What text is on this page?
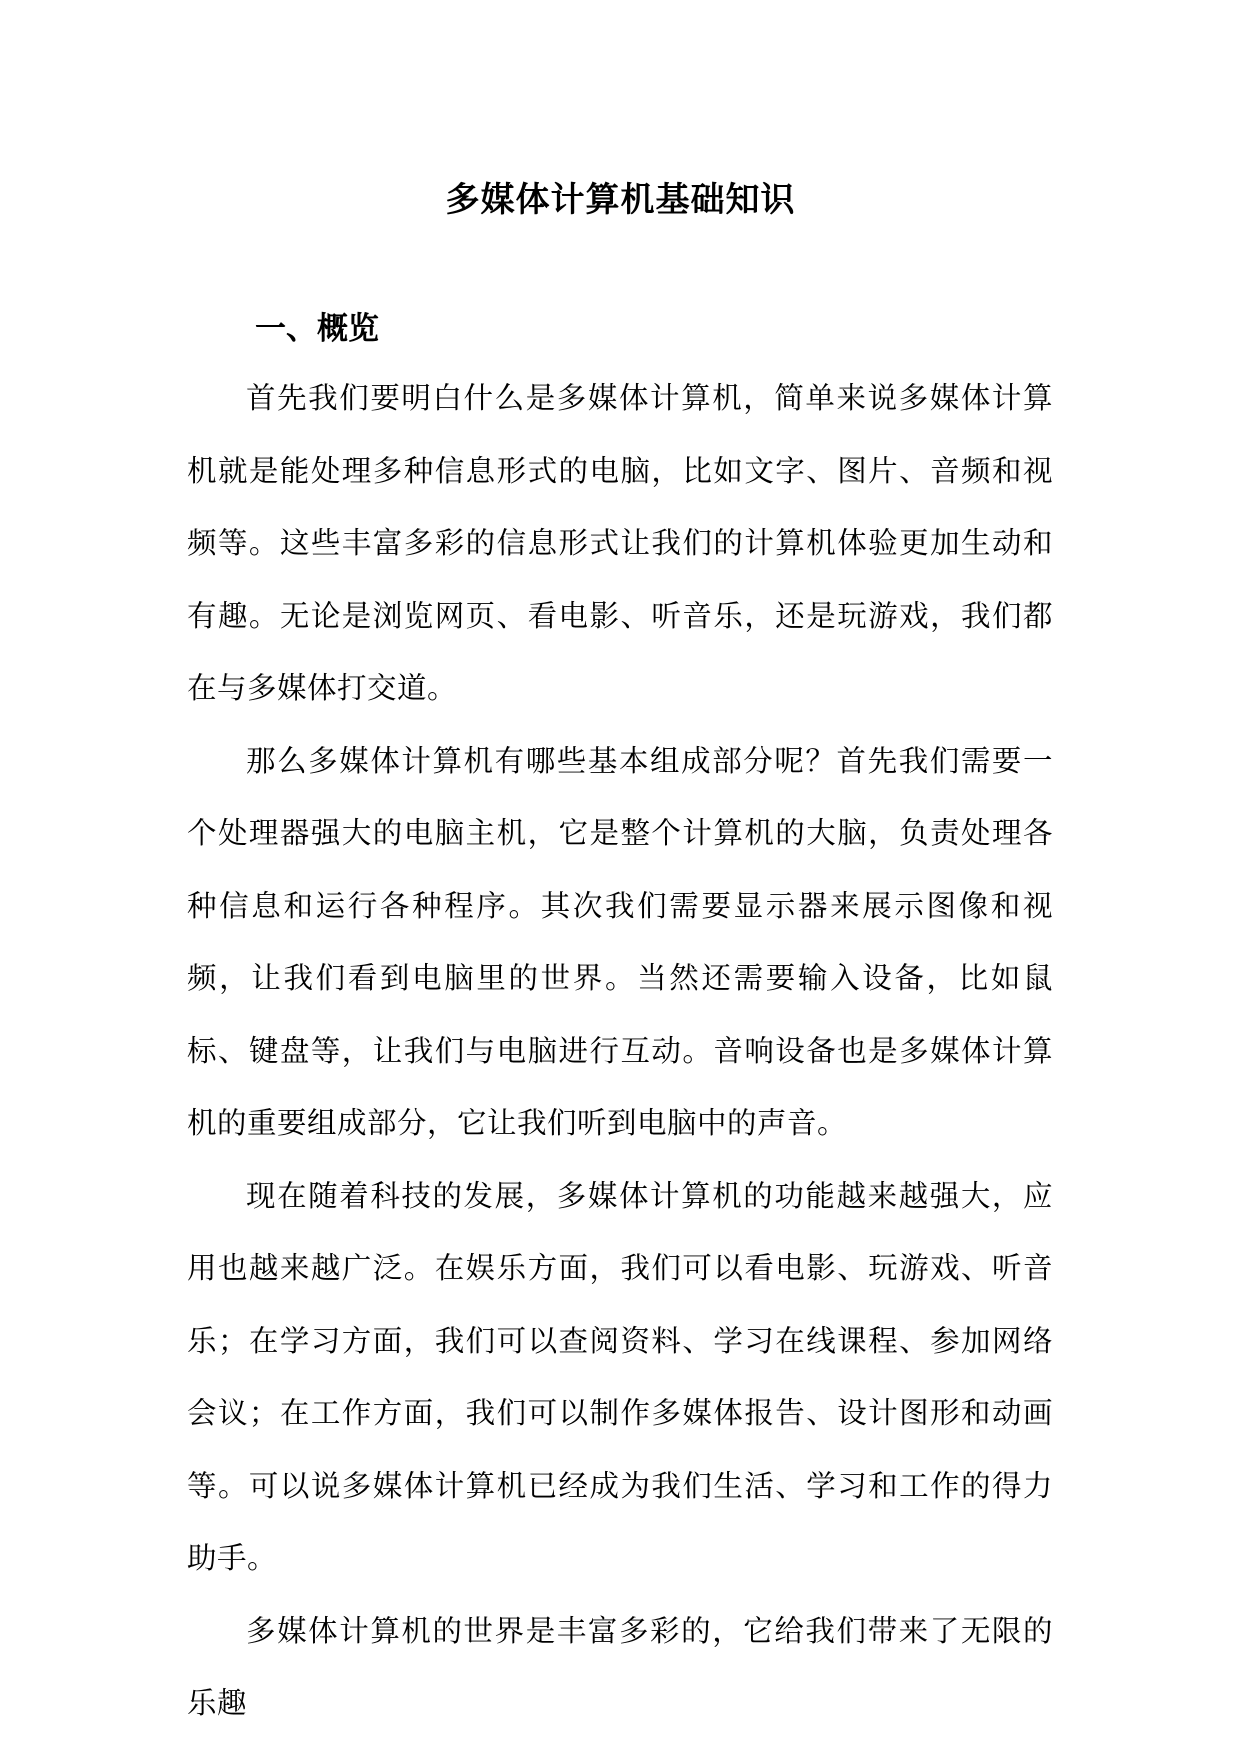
多媒体计算机基础知识
一、概览

首先我们要明白什么是多媒体计算机，简单来说多媒体计算机就是能处理多种信息形式的电脑，比如文字、图片、音频和视频等。这些丰富多彩的信息形式让我们的计算机体验更加生动和有趣。无论是浏览网页、看电影、听音乐，还是玩游戏，我们都在与多媒体打交道。

那么多媒体计算机有哪些基本组成部分呢？首先我们需要一个处理器强大的电脑主机，它是整个计算机的大脑，负责处理各种信息和运行各种程序。其次我们需要显示器来展示图像和视频，让我们看到电脑里的世界。当然还需要输入设备，比如鼠标、键盘等，让我们与电脑进行互动。音响设备也是多媒体计算机的重要组成部分，它让我们听到电脑中的声音。

现在随着科技的发展，多媒体计算机的功能越来越强大，应用也越来越广泛。在娱乐方面，我们可以看电影、玩游戏、听音乐；在学习方面，我们可以查阅资料、学习在线课程、参加网络会议；在工作方面，我们可以制作多媒体报告、设计图形和动画等。可以说多媒体计算机已经成为我们生活、学习和工作的得力助手。

多媒体计算机的世界是丰富多彩的，它给我们带来了无限的乐趣
